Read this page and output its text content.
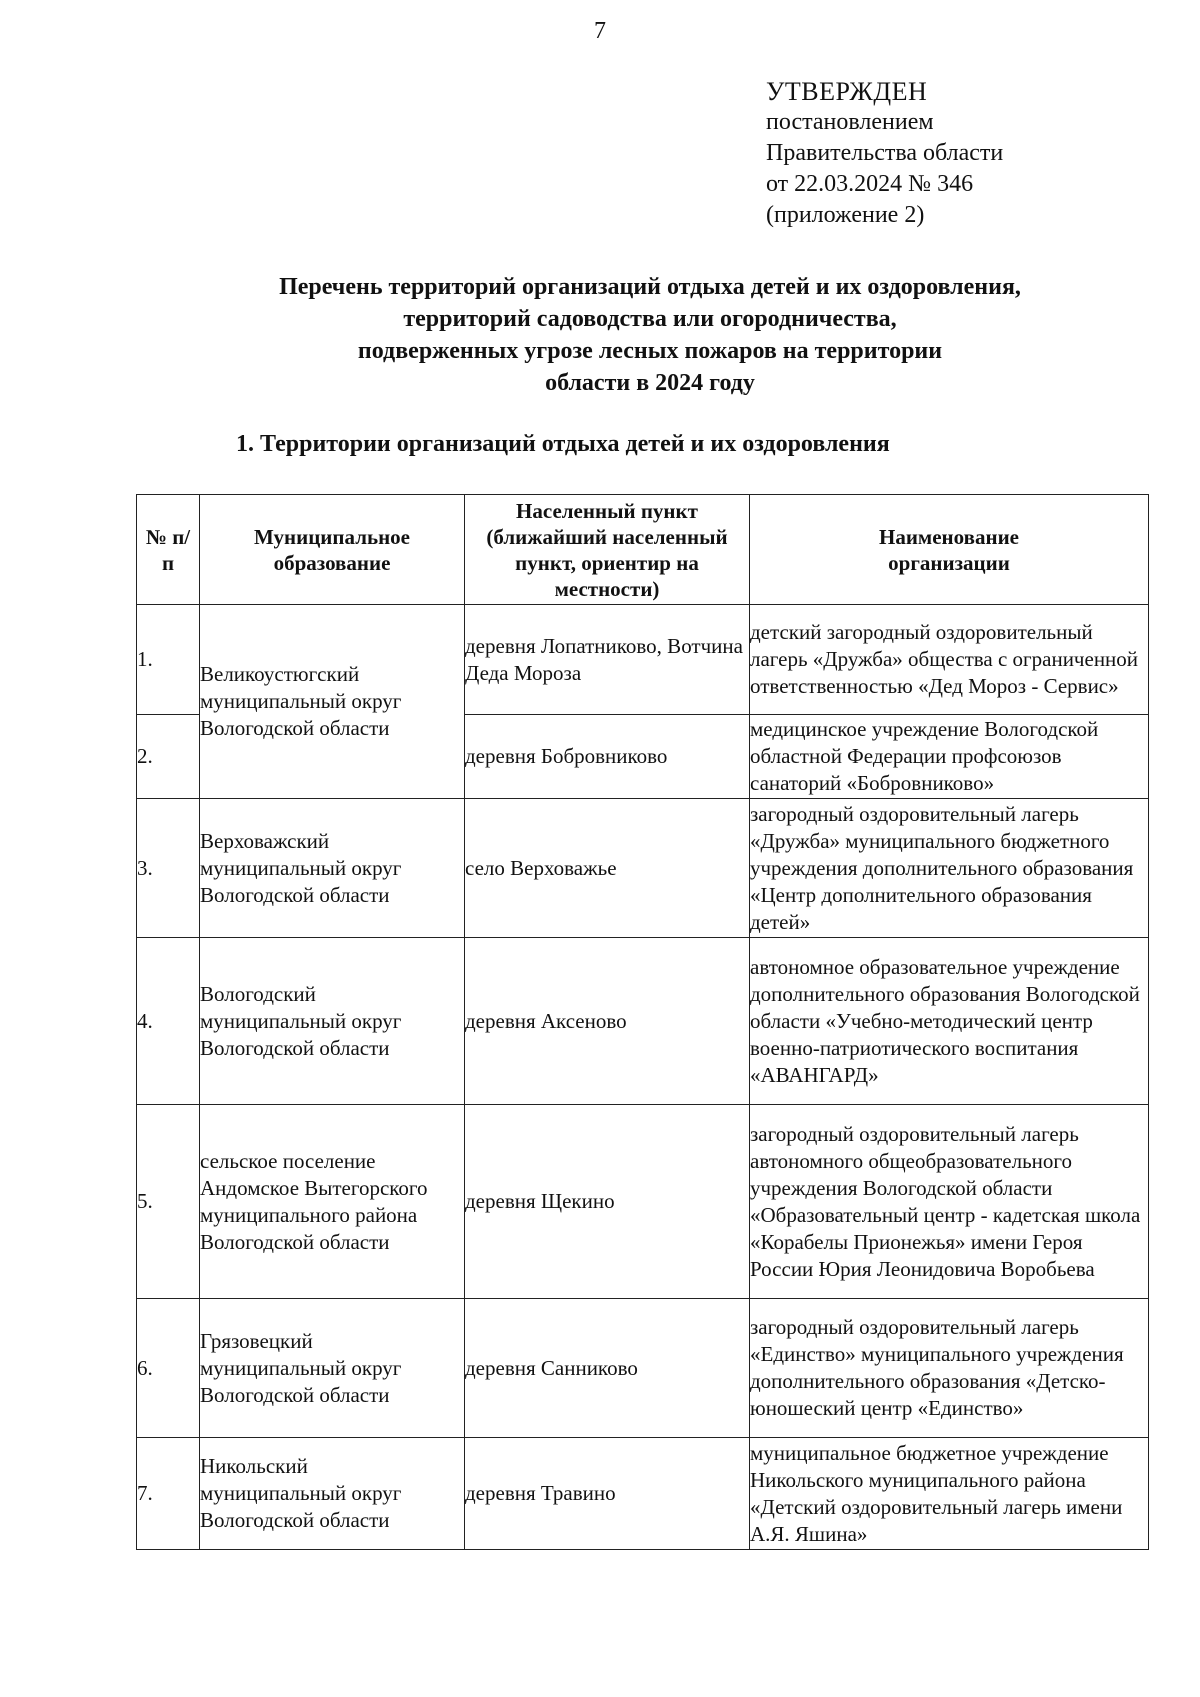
7
УТВЕРЖДЕН
постановлением
Правительства области
от 22.03.2024 № 346
(приложение 2)
Перечень территорий организаций отдыха детей и их оздоровления,
территорий садоводства или огородничества,
подверженных угрозе лесных пожаров на территории
области в 2024 году
1. Территории организаций отдыха детей и их оздоровления
№ п/п	Муниципальное образование	Населенный пункт (ближайший населенный пункт, ориентир на местности)	Наименование организации
1.	Великоустюгский муниципальный округ Вологодской области	деревня Лопатниково, Вотчина Деда Мороза	детский загородный оздоровительный лагерь «Дружба» общества с ограниченной ответственностью «Дед Мороз - Сервис»
2.		деревня Бобровниково	медицинское учреждение Вологодской областной Федерации профсоюзов санаторий «Бобровниково»
3.	Верховажский муниципальный округ Вологодской области	село Верховажье	загородный оздоровительный лагерь «Дружба» муниципального бюджетного учреждения дополнительного образования «Центр дополнительного образования детей»
4.	Вологодский муниципальный округ Вологодской области	деревня Аксеново	автономное образовательное учреждение дополнительного образования Вологодской области «Учебно-методический центр военно-патриотического воспитания «АВАНГАРД»
5.	сельское поселение Андомское Вытегорского муниципального района Вологодской области	деревня Щекино	загородный оздоровительный лагерь автономного общеобразовательного учреждения Вологодской области «Образовательный центр - кадетская школа «Корабелы Прионежья» имени Героя России Юрия Леонидовича Воробьева
6.	Грязовецкий муниципальный округ Вологодской области	деревня Санниково	загородный оздоровительный лагерь «Единство» муниципального учреждения дополнительного образования «Детско-юношеский центр «Единство»
7.	Никольский муниципальный округ Вологодской области	деревня Травино	муниципальное бюджетное учреждение Никольского муниципального района «Детский оздоровительный лагерь имени А.Я. Яшина»
